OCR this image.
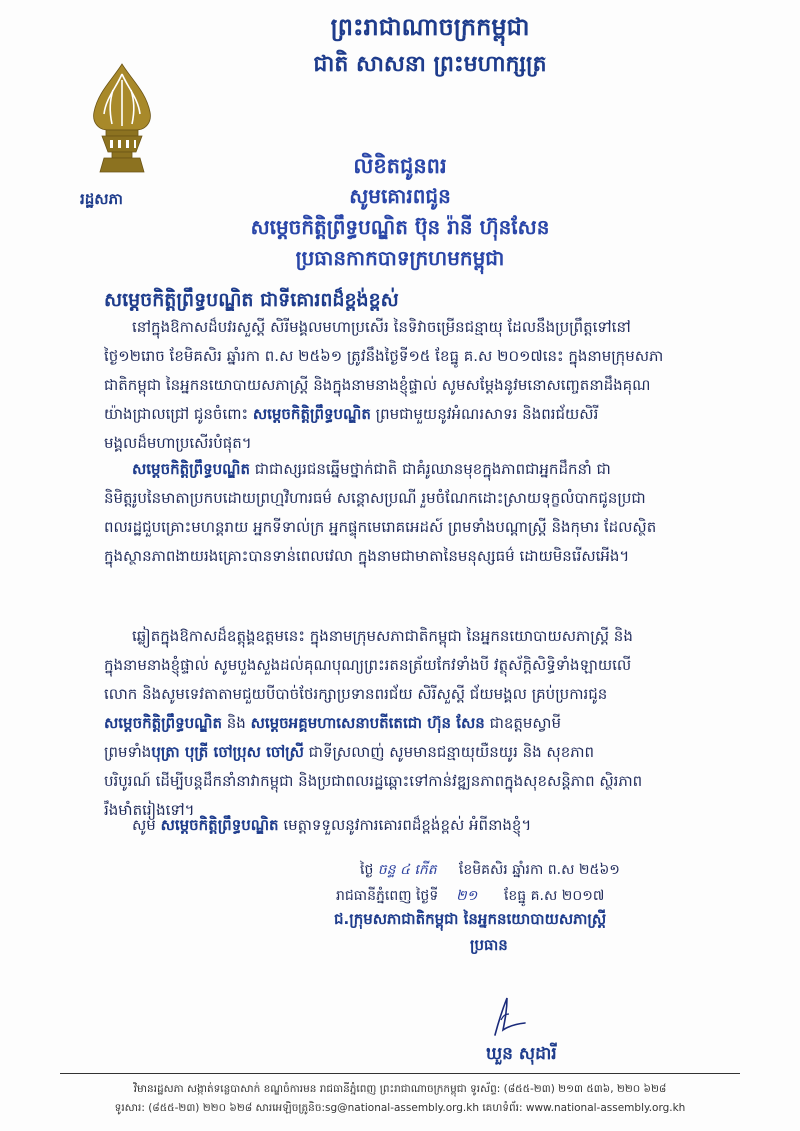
ព្រះរាជាណាចក្រកម្ពុជា
ជាតិ សាសនា ព្រះមហាក្សត្រ
រដ្ឋសភា
លិខិតជូនពរ
សូមគោរពជូន
សម្តេចកិត្តិព្រឹទ្ធបណ្ឌិត ប៊ុន រ៉ានី ហ៊ុនសែន
ប្រធានកាកបាទក្រហមកម្ពុជា
សម្តេចកិត្តិព្រឹទ្ធបណ្ឌិត ជាទីគោរពដ៏ខ្ពង់ខ្ពស់
នៅក្នុងឱកាសដ៏បវរសួស្តី សិរីមង្គលមហាប្រសើរ នៃទិវាចម្រើនជន្មាយុ ដែលនឹងប្រព្រឹត្តទៅនៅ
ថ្ងៃ១២រោច ខែមិគសិរ ឆ្នាំរកា ព.ស ២៥៦១ ត្រូវនឹងថ្ងៃទី១៥ ខែធ្នូ គ.ស ២០១៧នេះ ក្នុងនាមក្រុមសភា
ជាតិកម្ពុជា នៃអ្នកនយោបាយសភាស្ត្រី និងក្នុងនាមនាងខ្ញុំផ្ទាល់ សូមសម្តែងនូវមនោសញ្ចេតនាដឹងគុណ
យ៉ាងជ្រាលជ្រៅ ជូនចំពោះ សម្តេចកិត្តិព្រឹទ្ធបណ្ឌិត ព្រមជាមួយនូវអំណរសាទរ និងពរជ័យសិរី
មង្គលដ៏មហាប្រសើរបំផុត។
សម្តេចកិត្តិព្រឹទ្ធបណ្ឌិត ជាជាស្សរជនឆ្នើមថ្នាក់ជាតិ ជាគំរូឈានមុខក្នុងភាពជាអ្នកដឹកនាំ ជា
និមិត្តរូបនៃមាតាប្រកបដោយព្រហ្មវិហារធម៌ សន្តោសប្រណី រួមចំណែកដោះស្រាយទុក្ខលំបាកជូនប្រជា
ពលរដ្ឋជួបគ្រោះមហន្តរាយ អ្នកទីទាល់ក្រ អ្នកផ្ទុកមេរោគអេដស៍ ព្រមទាំងបណ្តាស្ត្រី និងកុមារ ដែលស្ថិត
ក្នុងស្ថានភាពងាយរងគ្រោះបានទាន់ពេលវេលា ក្នុងនាមជាមាតានៃមនុស្សធម៌ ដោយមិនរើសអើង។
ឆ្លៀតក្នុងឱកាសដ៏ឧត្តុង្គឧត្តមនេះ ក្នុងនាមក្រុមសភាជាតិកម្ពុជា នៃអ្នកនយោបាយសភាស្ត្រី និង
ក្នុងនាមនាងខ្ញុំផ្ទាល់ សូមបួងសួងដល់គុណបុណ្យព្រះរតនត្រ័យកែវទាំងបី វត្ថុស័ក្តិសិទ្ធិទាំងឡាយលើ
លោក និងសូមទេវតាតាមជួយបីបាច់ថែរក្សាប្រទានពរជ័យ សិរីសួស្តី ជ័យមង្គល គ្រប់ប្រការជូន
សម្តេចកិត្តិព្រឹទ្ធបណ្ឌិត និង សម្តេចអគ្គមហាសេនាបតីតេជោ ហ៊ុន សែន ជាឧត្តមស្វាមី
ព្រមទាំងបុត្រា បុត្រី ចៅប្រុស ចៅស្រី ជាទីស្រលាញ់ សូមមានជន្មាយុយឺនយូរ និង សុខភាព
បរិបូរណ៍ ដើម្បីបន្តដឹកនាំនាវាកម្ពុជា និងប្រជាពលរដ្ឋឆ្ពោះទៅកាន់វឌ្ឍនភាពក្នុងសុខសន្តិភាព ស្ថិរភាព
រឹងមាំតរៀងទៅ។
សូម សម្តេចកិត្តិព្រឹទ្ធបណ្ឌិត មេត្តាទទួលនូវការគោរពដ៏ខ្ពង់ខ្ពស់ អំពីនាងខ្ញុំ។
ថ្ងៃ ចន្ទ ៤ កើត ខែមិគសិរ ឆ្នាំរកា ព.ស ២៥៦១
រាជធានីភ្នំពេញ ថ្ងៃទី ២១ ខែធ្នូ គ.ស ២០១៧
ជ.ក្រុមសភាជាតិកម្ពុជា នៃអ្នកនយោបាយសភាស្ត្រី
ប្រធាន
ឃួន សុដារី
វិមានរដ្ឋសភា សង្កាត់ទន្លេបាសាក់ ខណ្ឌចំការមន រាជធានីភ្នំពេញ ព្រះរាជាណាចក្រកម្ពុជា ទូរស័ព្ទ: (៨៥៥-២៣) ២១៣ ៥៣៦, ២២០ ៦២៨
ទូរសារ: (៨៥៥-២៣) ២២០ ៦២៨ សារអេឡិចត្រូនិច:sg@national-assembly.org.kh គេហទំព័រ: www.national-assembly.org.kh
